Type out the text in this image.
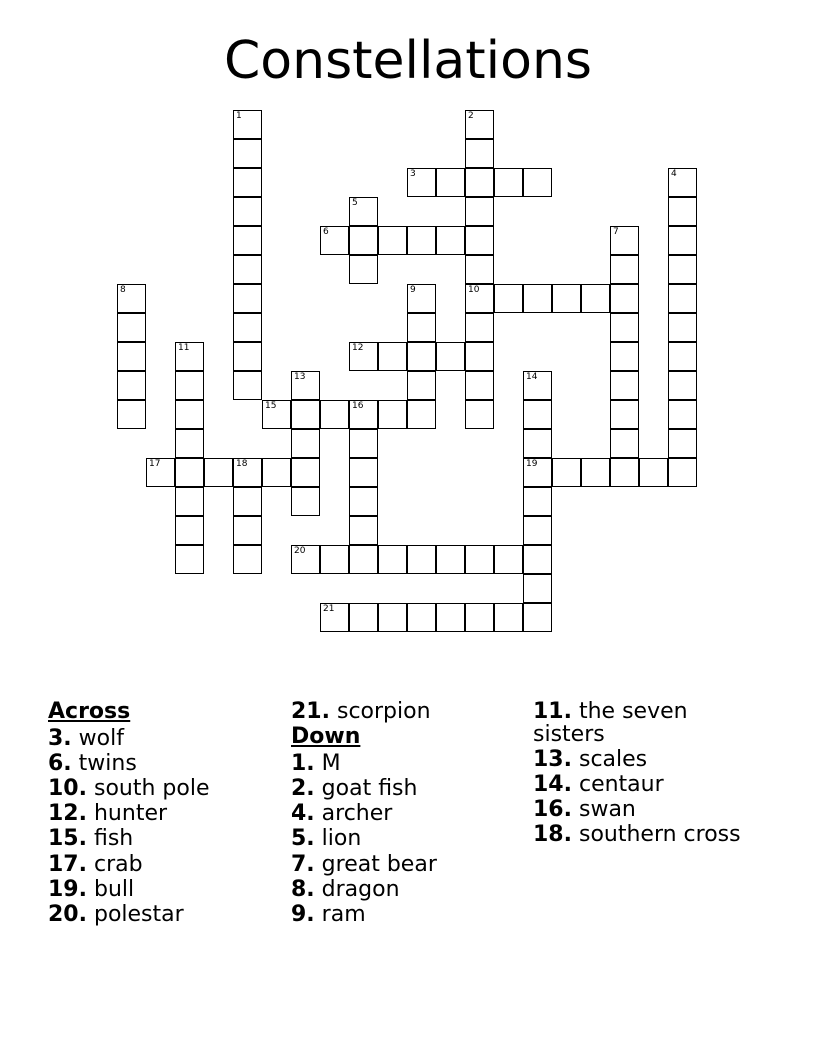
Constellations
1	2
3	4
5
6	7
8	9	10
11	12
13	14
19
15	16
17	18
20
21
Across
3. wolf
6. twins
10. south pole
12. hunter
15. fish
17. crab
19. bull
20. polestar
21. scorpion
Down
1. M
2. goat fish
4. archer
5. lion
7. great bear
8. dragon
9. ram
11. the seven sisters
13. scales
14. centaur
16. swan
18. southern cross
